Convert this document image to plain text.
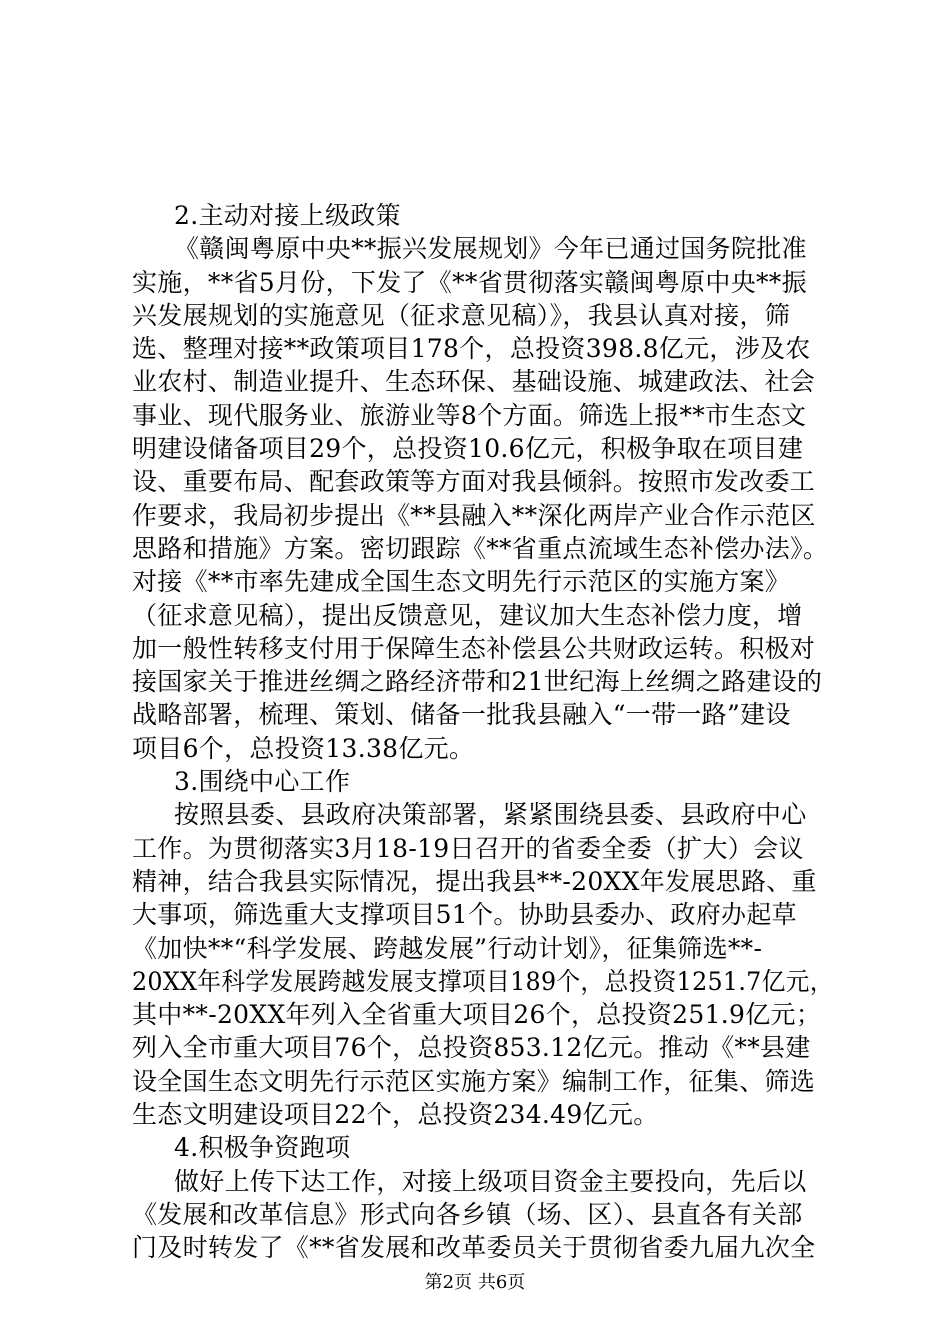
2.主动对接上级政策
《赣闽粤原中央**振兴发展规划》今年已通过国务院批准
实施，**省5月份，下发了《**省贯彻落实赣闽粤原中央**振
兴发展规划的实施意见（征求意见稿）》，我县认真对接，筛
选、整理对接**政策项目178个，总投资398.8亿元，涉及农
业农村、制造业提升、生态环保、基础设施、城建政法、社会
事业、现代服务业、旅游业等8个方面。筛选上报**市生态文
明建设储备项目29个，总投资10.6亿元，积极争取在项目建
设、重要布局、配套政策等方面对我县倾斜。按照市发改委工
作要求，我局初步提出《**县融入**深化两岸产业合作示范区
思路和措施》方案。密切跟踪《**省重点流域生态补偿办法》。
对接《**市率先建成全国生态文明先行示范区的实施方案》
（征求意见稿），提出反馈意见，建议加大生态补偿力度，增
加一般性转移支付用于保障生态补偿县公共财政运转。积极对
接国家关于推进丝绸之路经济带和21世纪海上丝绸之路建设的
战略部署，梳理、策划、储备一批我县融入“一带一路”建设
项目6个，总投资13.38亿元。
3.围绕中心工作
按照县委、县政府决策部署，紧紧围绕县委、县政府中心
工作。为贯彻落实3月18-19日召开的省委全委（扩大）会议
精神，结合我县实际情况，提出我县**-20XX年发展思路、重
大事项，筛选重大支撑项目51个。协助县委办、政府办起草
《加快**“科学发展、跨越发展”行动计划》，征集筛选**-
20XX年科学发展跨越发展支撑项目189个，总投资1251.7亿元，
其中**-20XX年列入全省重大项目26个，总投资251.9亿元；
列入全市重大项目76个，总投资853.12亿元。推动《**县建
设全国生态文明先行示范区实施方案》编制工作，征集、筛选
生态文明建设项目22个，总投资234.49亿元。
4.积极争资跑项
做好上传下达工作，对接上级项目资金主要投向，先后以
《发展和改革信息》形式向各乡镇（场、区）、县直各有关部
门及时转发了《**省发展和改革委员关于贯彻省委九届九次全
第2页 共6页
